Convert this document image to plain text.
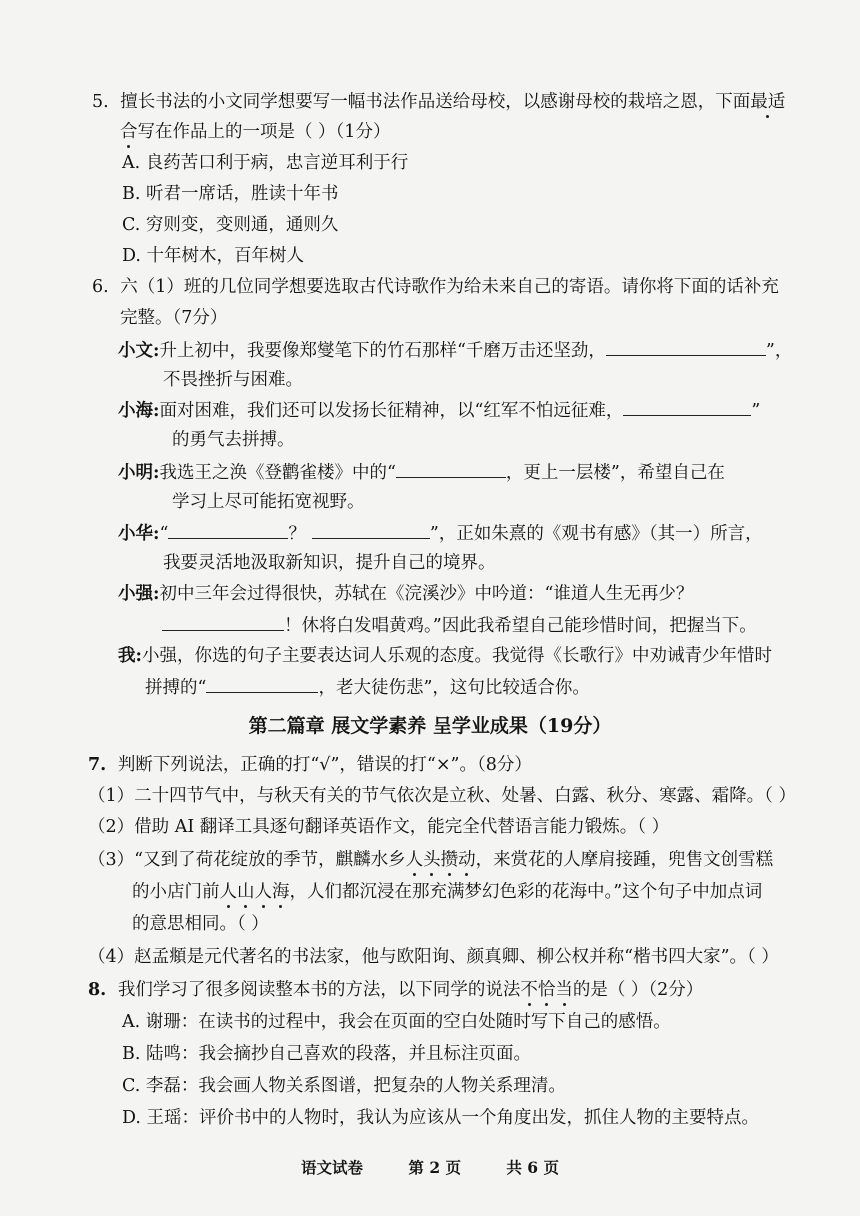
5. 擅长书法的小文同学想要写一幅书法作品送给母校，以感谢母校的栽培之恩，下面最适
合写在作品上的一项是（ ）（1分）
A. 良药苦口利于病，忠言逆耳利于行
B. 听君一席话，胜读十年书
C. 穷则变，变则通，通则久
D. 十年树木，百年树人
6. 六（1）班的几位同学想要选取古代诗歌作为给未来自己的寄语。请你将下面的话补充
完整。（7分）
小文:升上初中，我要像郑燮笔下的竹石那样“千磨万击还坚劲，	”，
不畏挫折与困难。
小海:面对困难，我们还可以发扬长征精神，以“红军不怕远征难，	”
的勇气去拼搏。
小明:我选王之涣《登鹳雀楼》中的“	，更上一层楼”，希望自己在
学习上尽可能拓宽视野。
小华:“	？	”，正如朱熹的《观书有感》（其一）所言，
我要灵活地汲取新知识，提升自己的境界。
小强:初中三年会过得很快，苏轼在《浣溪沙》中吟道：“谁道人生无再少？
！休将白发唱黄鸡。”因此我希望自己能珍惜时间，把握当下。
我:小强，你选的句子主要表达词人乐观的态度。我觉得《长歌行》中劝诫青少年惜时
拼搏的“	，老大徒伤悲”，这句比较适合你。
第二篇章 展文学素养 呈学业成果（19分）
7. 判断下列说法，正确的打“√”，错误的打“×”。（8分）
（1）二十四节气中，与秋天有关的节气依次是立秋、处暑、白露、秋分、寒露、霜降。（ ）
（2）借助 AI 翻译工具逐句翻译英语作文，能完全代替语言能力锻炼。（ ）
（3）“又到了荷花绽放的季节，麒麟水乡人头攒动，来赏花的人摩肩接踵，兜售文创雪糕
的小店门前人山人海，人们都沉浸在那充满梦幻色彩的花海中。”这个句子中加点词
的意思相同。（ ）
（4）赵孟頫是元代著名的书法家，他与欧阳询、颜真卿、柳公权并称“楷书四大家”。（ ）
8. 我们学习了很多阅读整本书的方法，以下同学的说法不恰当的是（ ）（2分）
A. 谢珊：在读书的过程中，我会在页面的空白处随时写下自己的感悟。
B. 陆鸣：我会摘抄自己喜欢的段落，并且标注页面。
C. 李磊：我会画人物关系图谱，把复杂的人物关系理清。
D. 王瑶：评价书中的人物时，我认为应该从一个角度出发，抓住人物的主要特点。
语文试卷	第 2 页	共 6 页
